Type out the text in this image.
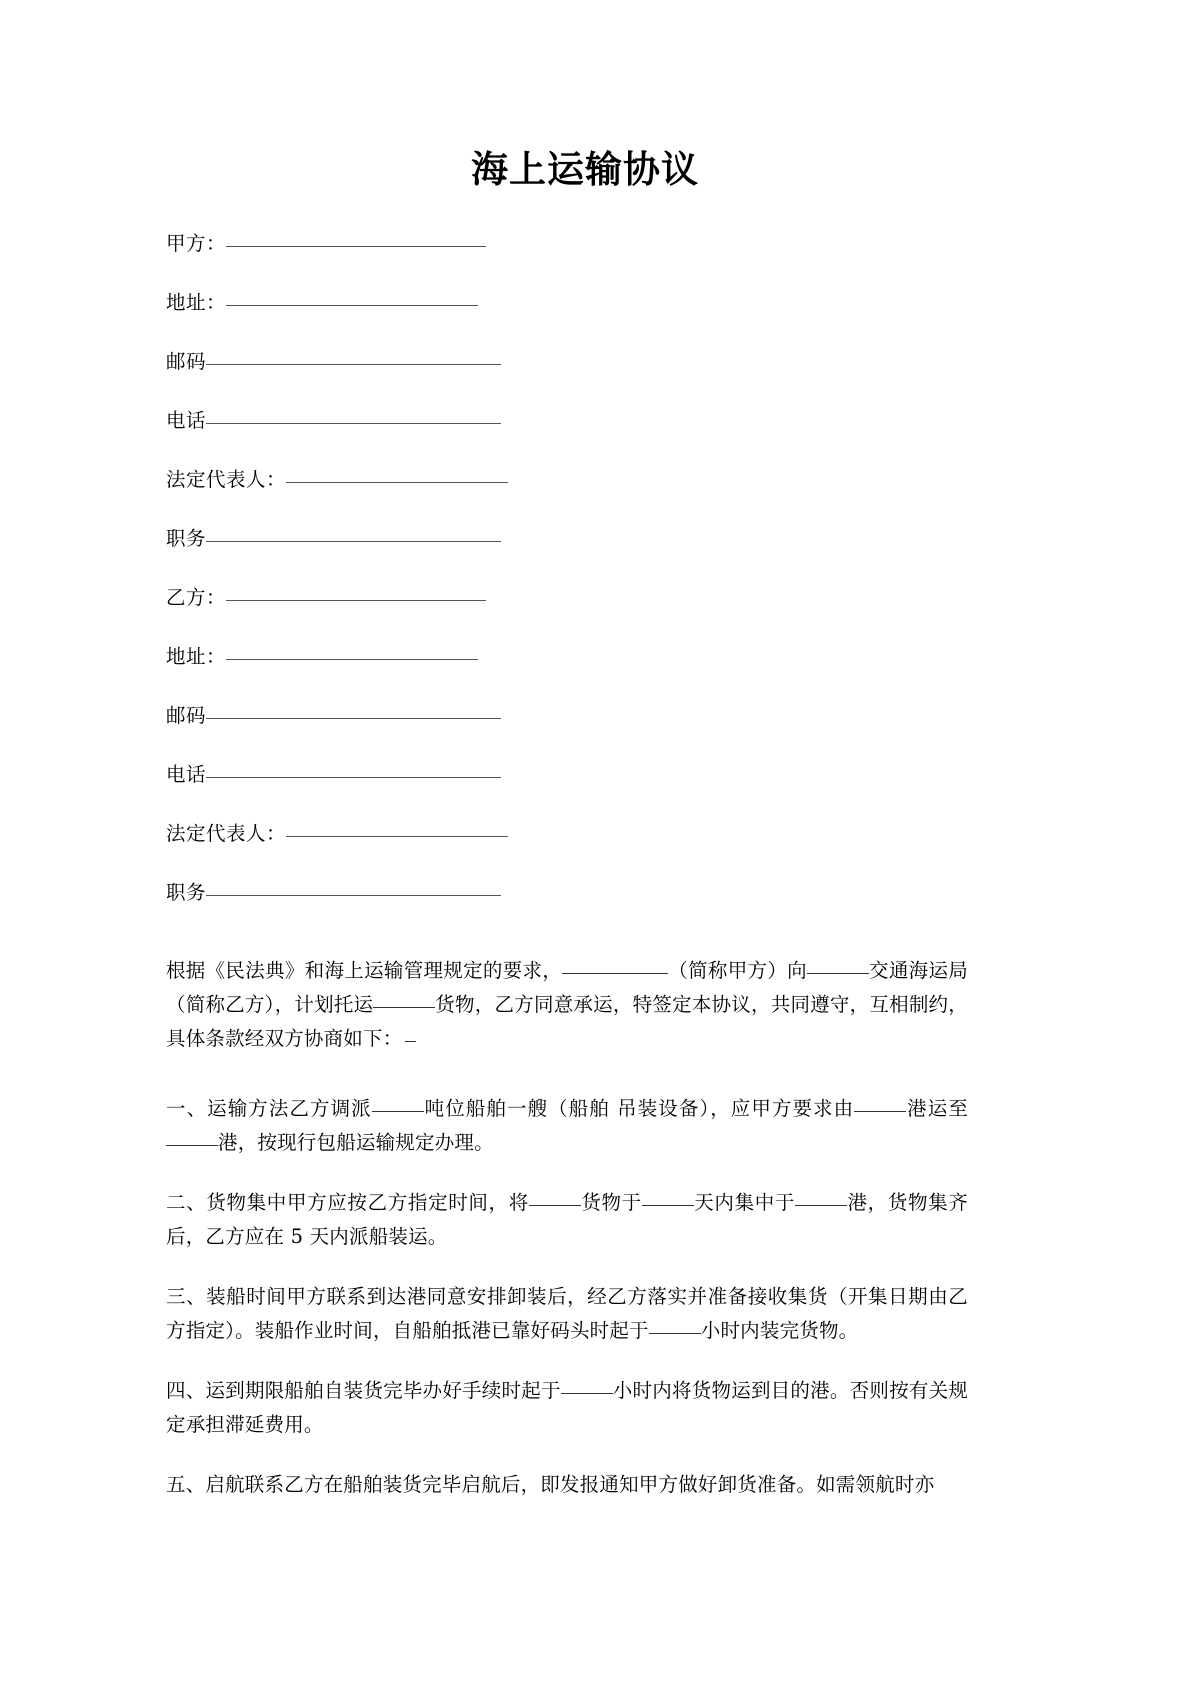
海上运输协议
甲方：
地址：
邮码
电话
法定代表人：
职务
乙方：
地址：
邮码
电话
法定代表人：
职务

根据《民法典》和海上运输管理规定的要求，	（简称甲方）向	交通海运局（简称乙方），计划托运	货物，乙方同意承运，特签定本协议，共同遵守，互相制约，具体条款经双方协商如下：

一、运输方法乙方调派	吨位船舶一艘（船舶 吊装设备），应甲方要求由	港运至港，按现行包船运输规定办理。

二、货物集中甲方应按乙方指定时间，将	货物于	天内集中于	港，货物集齐后，乙方应在 5 天内派船装运。

三、装船时间甲方联系到达港同意安排卸装后，经乙方落实并准备接收集货（开集日期由乙方指定）。装船作业时间，自船舶抵港已靠好码头时起于	小时内装完货物。

四、运到期限船舶自装货完毕办好手续时起于	小时内将货物运到目的港。否则按有关规定承担滞延费用。

五、启航联系乙方在船舶装货完毕启航后，即发报通知甲方做好卸货准备。如需领航时亦
